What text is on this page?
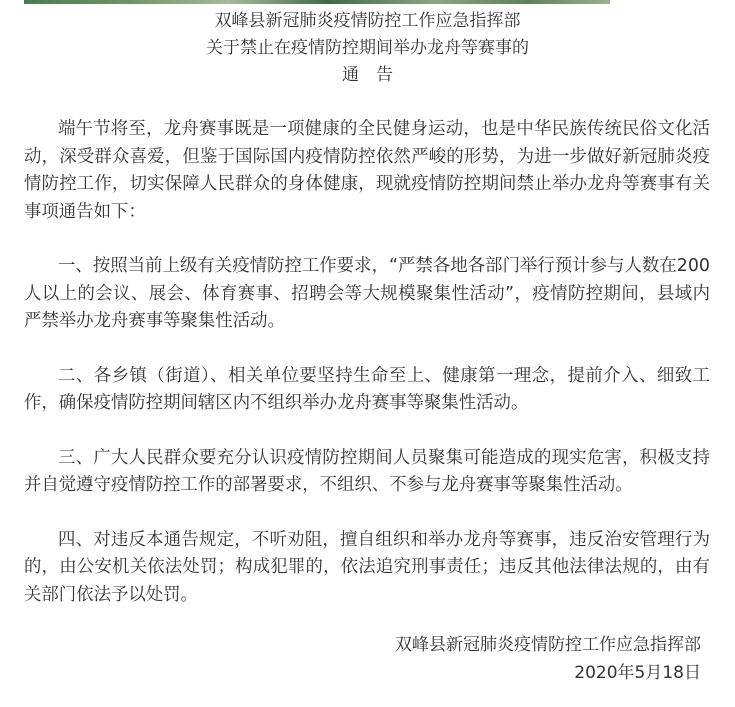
双峰县新冠肺炎疫情防控工作应急指挥部
关于禁止在疫情防控期间举办龙舟等赛事的
通　告

端午节将至，龙舟赛事既是一项健康的全民健身运动，也是中华民族传统民俗文化活动，深受群众喜爱，但鉴于国际国内疫情防控依然严峻的形势，为进一步做好新冠肺炎疫情防控工作，切实保障人民群众的身体健康，现就疫情防控期间禁止举办龙舟等赛事有关事项通告如下：

一、按照当前上级有关疫情防控工作要求，“严禁各地各部门举行预计参与人数在200人以上的会议、展会、体育赛事、招聘会等大规模聚集性活动”，疫情防控期间，县域内严禁举办龙舟赛事等聚集性活动。

二、各乡镇（街道）、相关单位要坚持生命至上、健康第一理念，提前介入、细致工作，确保疫情防控期间辖区内不组织举办龙舟赛事等聚集性活动。

三、广大人民群众要充分认识疫情防控期间人员聚集可能造成的现实危害，积极支持并自觉遵守疫情防控工作的部署要求，不组织、不参与龙舟赛事等聚集性活动。

四、对违反本通告规定，不听劝阻，擅自组织和举办龙舟等赛事，违反治安管理行为的，由公安机关依法处罚；构成犯罪的，依法追究刑事责任；违反其他法律法规的，由有关部门依法予以处罚。

双峰县新冠肺炎疫情防控工作应急指挥部
2020年5月18日
